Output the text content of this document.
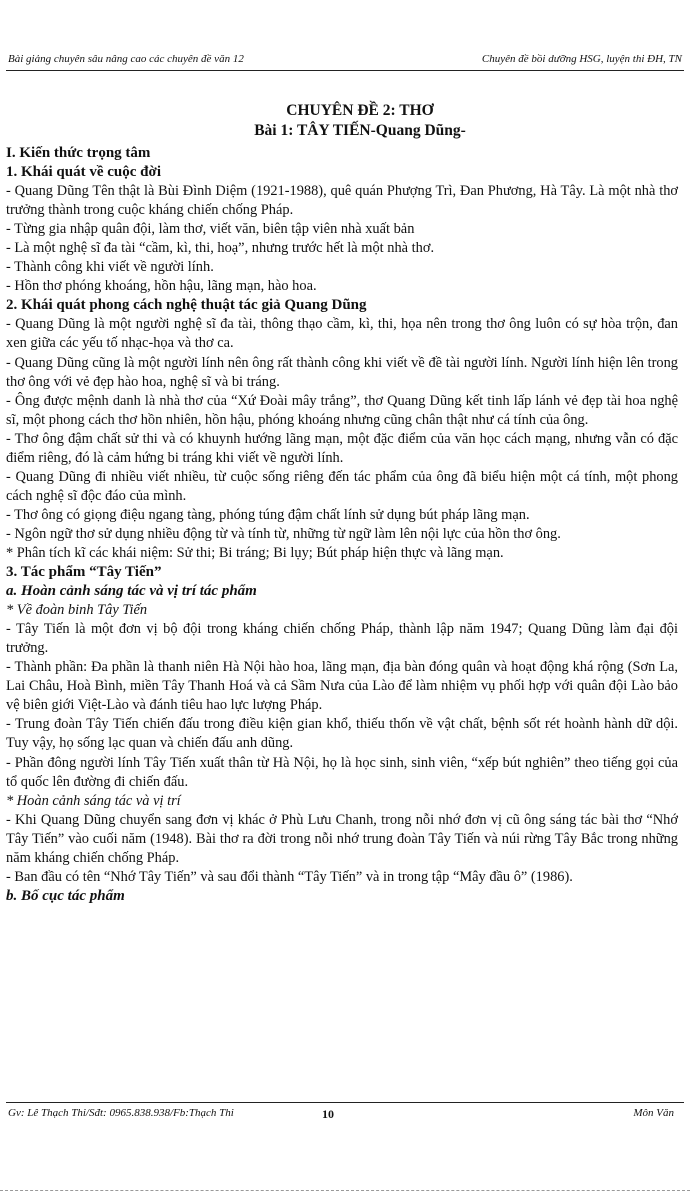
Bài giảng chuyên sâu nâng cao các chuyên đề văn 12	Chuyên đề bồi dưỡng HSG, luyện thi ĐH, TN
CHUYÊN ĐỀ 2: THƠ
Bài 1: TÂY TIẾN-Quang Dũng-

I. Kiến thức trọng tâm

1. Khái quát về cuộc đời

- Quang Dũng Tên thật là Bùi Đình Diệm (1921-1988), quê quán Phượng Trì, Đan Phương, Hà Tây. Là một nhà thơ trưởng thành trong cuộc kháng chiến chống Pháp.

- Từng gia nhập quân đội, làm thơ, viết văn, biên tập viên nhà xuất bản

- Là một nghệ sĩ đa tài “cầm, kì, thi, hoạ”, nhưng trước hết là một nhà thơ.

- Thành công khi viết về người lính.

- Hồn thơ phóng khoáng, hồn hậu, lãng mạn, hào hoa.

2. Khái quát phong cách nghệ thuật tác giả Quang Dũng

- Quang Dũng là một người nghệ sĩ đa tài, thông thạo cầm, kì, thi, họa nên trong thơ ông luôn có sự hòa trộn, đan xen giữa các yếu tố nhạc-họa và thơ ca.

- Quang Dũng cũng là một người lính nên ông rất thành công khi viết về đề tài người lính. Người lính hiện lên trong thơ ông với vẻ đẹp hào hoa, nghệ sĩ và bi tráng.

- Ông được mệnh danh là nhà thơ của “Xứ Đoài mây trắng”, thơ Quang Dũng kết tinh lấp lánh vẻ đẹp tài hoa nghệ sĩ, một phong cách thơ hồn nhiên, hồn hậu, phóng khoáng nhưng cũng chân thật như cá tính của ông.

- Thơ ông đậm chất sử thi và có khuynh hướng lãng mạn, một đặc điểm của văn học cách mạng, nhưng vẫn có đặc điểm riêng, đó là cảm hứng bi tráng khi viết về người lính.

- Quang Dũng đi nhiều viết nhiều, từ cuộc sống riêng đến tác phẩm của ông đã biểu hiện một cá tính, một phong cách nghệ sĩ độc đáo của mình.

- Thơ ông có giọng điệu ngang tàng, phóng túng đậm chất lính sử dụng bút pháp lãng mạn.

- Ngôn ngữ thơ sử dụng nhiều động từ và tính từ, những từ ngữ làm lên nội lực của hồn thơ ông.

* Phân tích kĩ các khái niệm: Sử thi; Bi tráng; Bi lụy; Bút pháp hiện thực và lãng mạn.

3. Tác phẩm “Tây Tiến”

a. Hoàn cảnh sáng tác và vị trí tác phẩm

* Về đoàn binh Tây Tiến

- Tây Tiến là một đơn vị bộ đội trong kháng chiến chống Pháp, thành lập năm 1947; Quang Dũng làm đại đội trưởng.

- Thành phần: Đa phần là thanh niên Hà Nội hào hoa, lãng mạn, địa bàn đóng quân và hoạt động khá rộng (Sơn La, Lai Châu, Hoà Bình, miền Tây Thanh Hoá và cả Sầm Nưa của Lào để làm nhiệm vụ phối hợp với quân đội Lào bảo vệ biên giới Việt-Lào và đánh tiêu hao lực lượng Pháp.

- Trung đoàn Tây Tiến chiến đấu trong điều kiện gian khổ, thiếu thốn về vật chất, bệnh sốt rét hoành hành dữ dội. Tuy vậy, họ sống lạc quan và chiến đấu anh dũng.

- Phần đông người lính Tây Tiến xuất thân từ Hà Nội, họ là học sinh, sinh viên, “xếp bút nghiên” theo tiếng gọi của tổ quốc lên đường đi chiến đấu.

* Hoàn cảnh sáng tác và vị trí

- Khi Quang Dũng chuyển sang đơn vị khác ở Phù Lưu Chanh, trong nỗi nhớ đơn vị cũ ông sáng tác bài thơ “Nhớ Tây Tiến” vào cuối năm (1948). Bài thơ ra đời trong nỗi nhớ trung đoàn Tây Tiến và núi rừng Tây Bắc trong những năm kháng chiến chống Pháp.

- Ban đầu có tên “Nhớ Tây Tiến” và sau đổi thành “Tây Tiến” và in trong tập “Mây đầu ô” (1986).

b. Bố cục tác phẩm

Gv: Lê Thạch Thi/Sđt: 0965.838.938/Fb:Thạch Thi	10	Môn Văn
